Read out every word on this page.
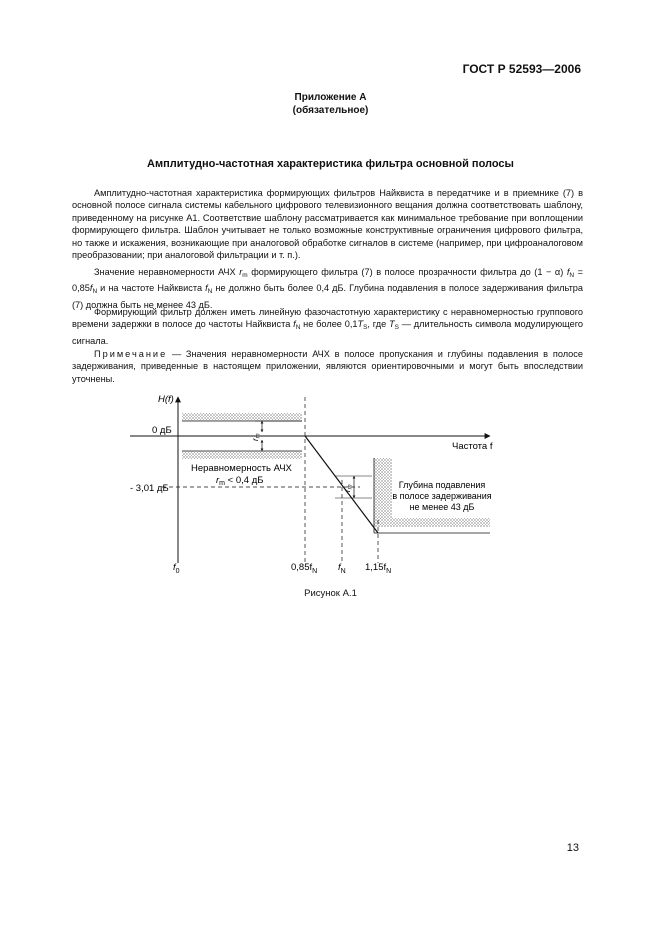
ГОСТ Р 52593—2006
Приложение А
(обязательное)
Амплитудно-частотная характеристика фильтра основной полосы

Амплитудно-частотная характеристика формирующих фильтров Найквиста в передатчике и в приемнике (7) в основной полосе сигнала системы кабельного цифрового телевизионного вещания должна соответствовать шаблону, приведенному на рисунке А1. Соответствие шаблону рассматривается как минимальное требование при воплощении формирующего фильтра. Шаблон учитывает не только возможные конструктивные ограничения цифрового фильтра, но также и искажения, возникающие при аналоговой обработке сигналов в системе (например, при цифроаналоговом преобразовании; при аналоговой фильтрации и т. п.).

Значение неравномерности АЧХ $r_m$ формирующего фильтра (7) в полосе прозрачности фильтра до (1 − α) $f_N = 0,85f_N$ и на частоте Найквиста $f_N$ не должно быть более 0,4 дБ. Глубина подавления в полосе задерживания фильтра (7) должна быть не менее 43 дБ.

Формирующий фильтр должен иметь линейную фазочастотную характеристику с неравномерностью группового времени задержки в полосе до частоты Найквиста $f_N$ не более $0,1T_S$, где $T_S$ — длительность символа модулирующего сигнала.

Примечание — Значения неравномерности АЧХ в полосе пропускания и глубины подавления в полосе задерживания, приведенные в настоящем приложении, являются ориентировочными и могут быть впоследствии уточнены.

H(f)
Частота f
0 дБ
- 3,01 дБ
Неравномерность АЧХ
$r_m < 0,4$ дБ
rm
rm	Глубина подавления
в полосе задерживания
не менее 43 дБ
$f_0$	$0,85f_N$ $f_N$ $1,15f_N$
Рисунок А.1
13
